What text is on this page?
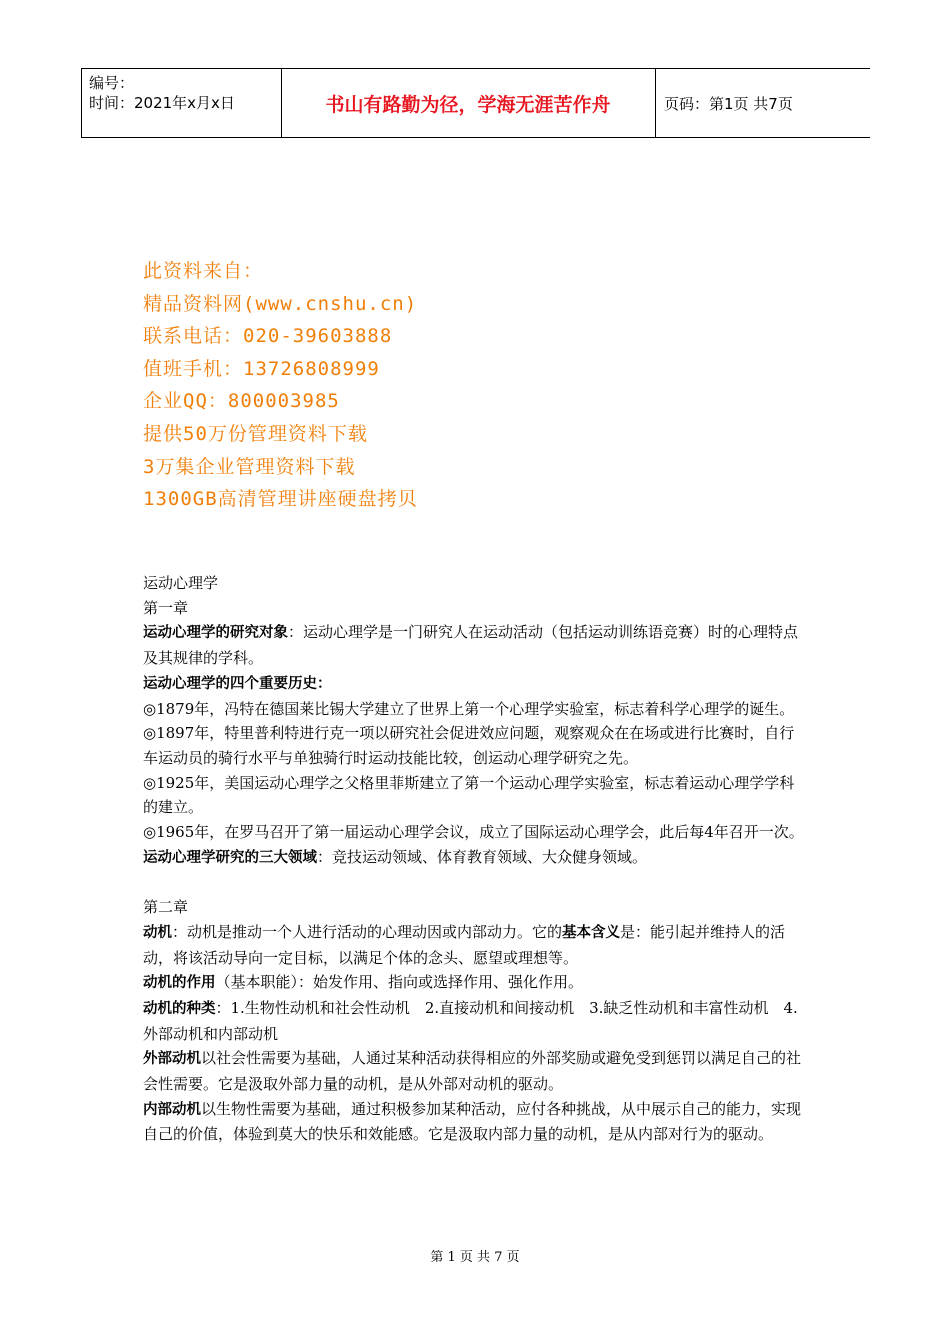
编号：
时间：2021年x月x日	书山有路勤为径，学海无涯苦作舟	页码：第1页 共7页
此资料来自：
精品资料网(www.cnshu.cn)
联系电话：020-39603888
值班手机：13726808999
企业QQ：800003985
提供50万份管理资料下载
3万集企业管理资料下载
1300GB高清管理讲座硬盘拷贝

运动心理学

第一章

运动心理学的研究对象：运动心理学是一门研究人在运动活动（包括运动训练语竞赛）时的心理特点及其规律的学科。

运动心理学的四个重要历史：

◎1879年，冯特在德国莱比锡大学建立了世界上第一个心理学实验室，标志着科学心理学的诞生。

◎1897年，特里普利特进行克一项以研究社会促进效应问题，观察观众在在场或进行比赛时，自行车运动员的骑行水平与单独骑行时运动技能比较，创运动心理学研究之先。

◎1925年，美国运动心理学之父格里菲斯建立了第一个运动心理学实验室，标志着运动心理学学科的建立。

◎1965年，在罗马召开了第一届运动心理学会议，成立了国际运动心理学会，此后每4年召开一次。

运动心理学研究的三大领域：竞技运动领域、体育教育领域、大众健身领域。

第二章

动机：动机是推动一个人进行活动的心理动因或内部动力。它的基本含义是：能引起并维持人的活动，将该活动导向一定目标，以满足个体的念头、愿望或理想等。

动机的作用（基本职能）：始发作用、指向或选择作用、强化作用。

动机的种类：1.生物性动机和社会性动机　2.直接动机和间接动机　3.缺乏性动机和丰富性动机　4.外部动机和内部动机

外部动机以社会性需要为基础，人通过某种活动获得相应的外部奖励或避免受到惩罚以满足自己的社会性需要。它是汲取外部力量的动机，是从外部对动机的驱动。

内部动机以生物性需要为基础，通过积极参加某种活动，应付各种挑战，从中展示自己的能力，实现自己的价值，体验到莫大的快乐和效能感。它是汲取内部力量的动机，是从内部对行为的驱动。

第 1 页 共 7 页
